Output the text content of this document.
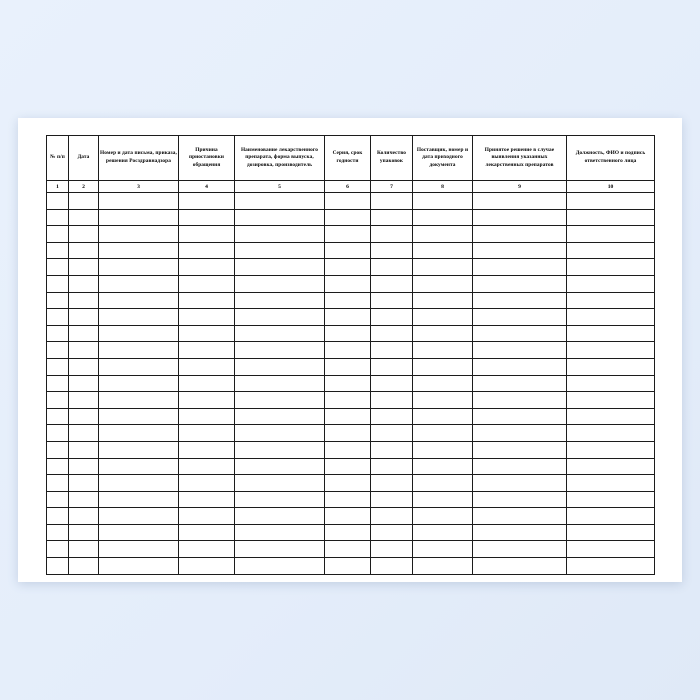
№ п/п	Дата	Номер и дата письма, приказа, решения Росздравнадзора	Причина приостановки обращения	Наименование лекарственного препарата, форма выпуска, дозировка, производитель	Серия, срок годности	Количество упаковок	Поставщик, номер и дата приходного документа	Принятое решение в случае выявления указанных лекарственных препаратов	Должность, ФИО и подпись ответственного лица
1	2	3	4	5	6	7	8	9	10
